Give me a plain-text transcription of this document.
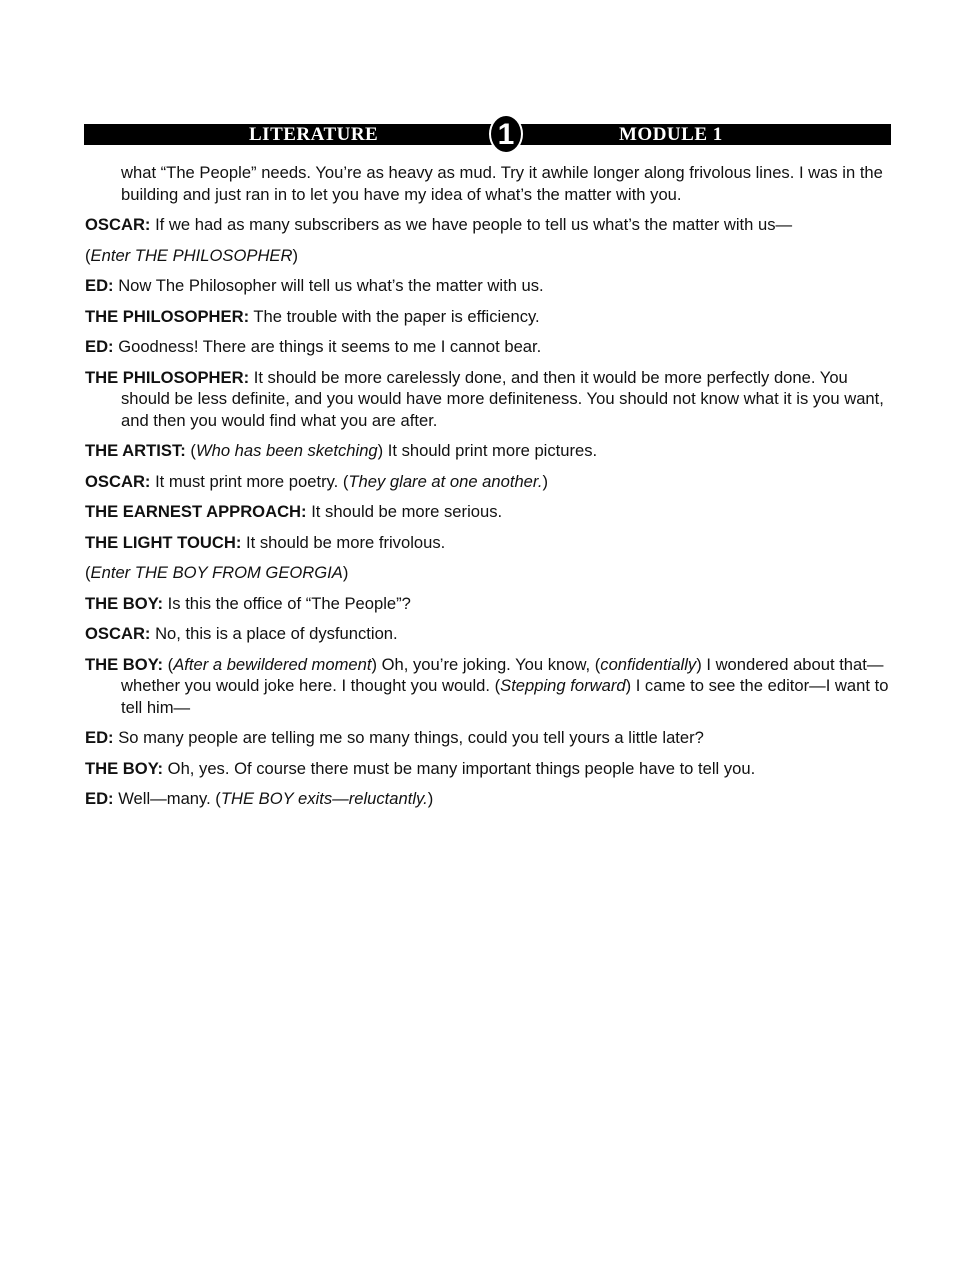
LITERATURE	MODULE 1
1

what “The People” needs. You’re as heavy as mud. Try it awhile longer along frivolous lines. I was in the building and just ran in to let you have my idea of what’s the matter with you.

OSCAR: If we had as many subscribers as we have people to tell us what’s the matter with us—

(Enter THE PHILOSOPHER)

ED: Now The Philosopher will tell us what’s the matter with us.

THE PHILOSOPHER: The trouble with the paper is efficiency.

ED: Goodness! There are things it seems to me I cannot bear.

THE PHILOSOPHER: It should be more carelessly done, and then it would be more perfectly done. You should be less definite, and you would have more definiteness. You should not know what it is you want, and then you would find what you are after.

THE ARTIST: (Who has been sketching) It should print more pictures.

OSCAR: It must print more poetry. (They glare at one another.)

THE EARNEST APPROACH: It should be more serious.

THE LIGHT TOUCH: It should be more frivolous.

(Enter THE BOY FROM GEORGIA)

THE BOY: Is this the office of “The People”?

OSCAR: No, this is a place of dysfunction.

THE BOY: (After a bewildered moment) Oh, you’re joking. You know, (confidentially) I wondered about that—whether you would joke here. I thought you would. (Stepping forward) I came to see the editor—I want to tell him—

ED: So many people are telling me so many things, could you tell yours a little later?

THE BOY: Oh, yes. Of course there must be many important things people have to tell you.

ED: Well—many. (THE BOY exits—reluctantly.)
